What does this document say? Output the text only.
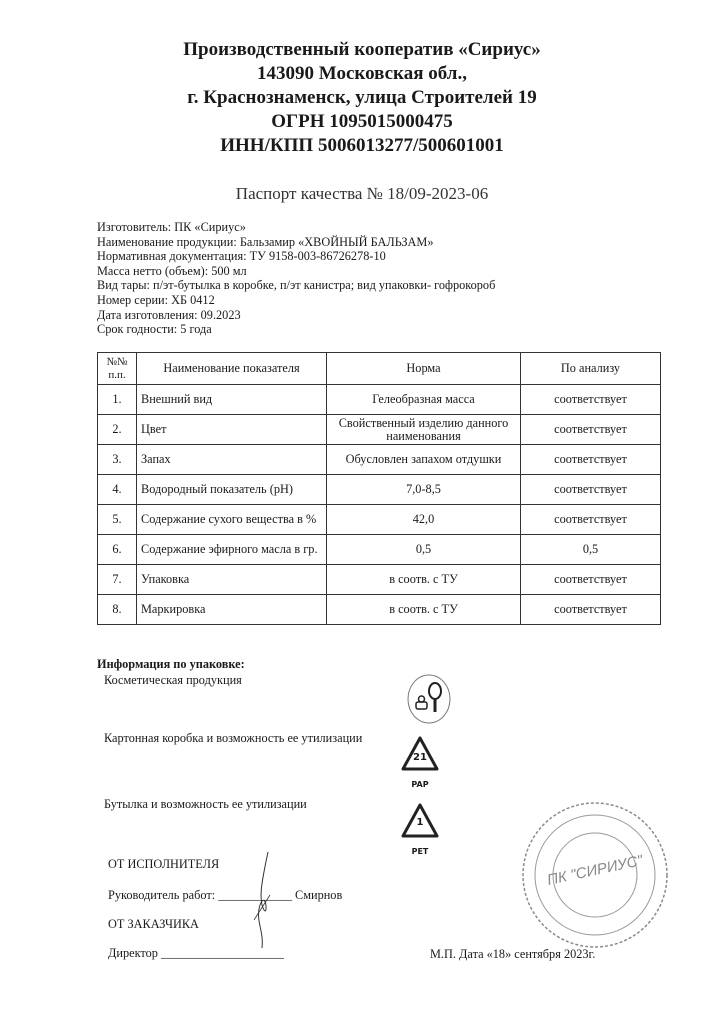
Производственный кооператив «Сириус»
143090 Московская обл.,
г. Краснознаменск, улица Строителей 19
ОГРН 1095015000475
ИНН/КПП 5006013277/500601001
Паспорт качества № 18/09-2023-06
Изготовитель: ПК «Сириус»
Наименование продукции: Бальзамир «ХВОЙНЫЙ БАЛЬЗАМ»
Нормативная документация: ТУ 9158-003-86726278-10
Масса нетто (объем): 500 мл
Вид тары: п/эт-бутылка в коробке, п/эт канистра; вид упаковки- гофрокороб
Номер серии: ХБ 0412
Дата изготовления: 09.2023
Срок годности: 5 года
№№ п.п.	Наименование показателя	Норма	По анализу
1.	Внешний вид	Гелеобразная масса	соответствует
2.	Цвет	Свойственный изделию данного наименования	соответствует
3.	Запах	Обусловлен запахом отдушки	соответствует
4.	Водородный показатель (pH)	7,0-8,5	соответствует
5.	Содержание сухого вещества в %	42,0	соответствует
6.	Содержание эфирного масла в гр.	0,5	0,5
7.	Упаковка	в соотв. с ТУ	соответствует
8.	Маркировка	в соотв. с ТУ	соответствует
Информация по упаковке:
Косметическая продукция
Картонная коробка и возможность ее утилизации
21
PAP
Бутылка и возможность ее утилизации
1
PET
ОТ ИСПОЛНИТЕЛЯ
Руководитель работ: ____________ Смирнов
ОТ ЗАКАЗЧИКА
Директор ____________________	М.П. Дата «18» сентября 2023г.
ПК "СИРИУС"
